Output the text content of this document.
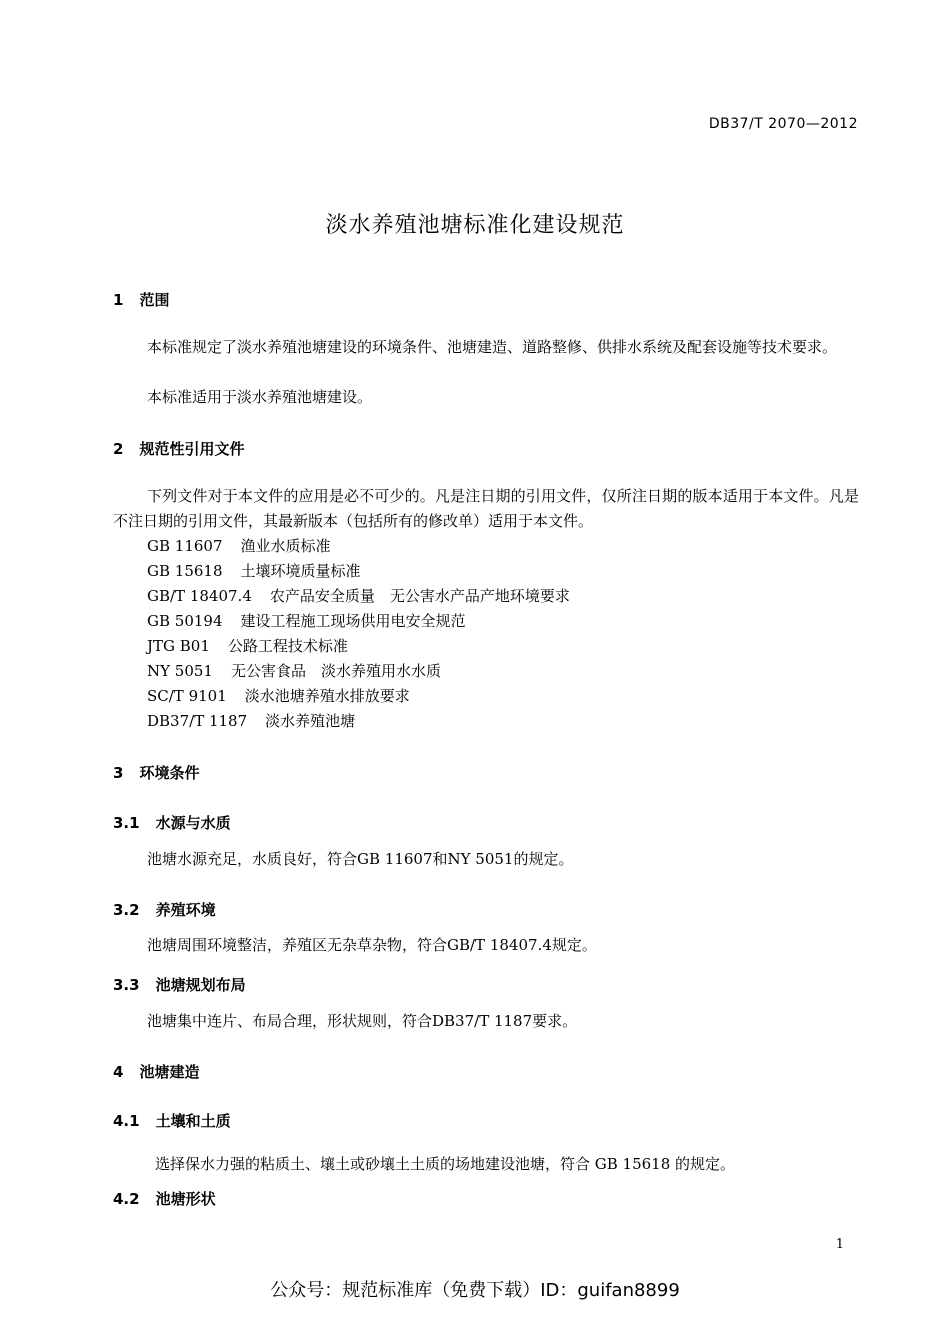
DB37/T 2070—2012
淡水养殖池塘标准化建设规范
1 范围
本标准规定了淡水养殖池塘建设的环境条件、池塘建造、道路整修、供排水系统及配套设施等技术要求。
本标准适用于淡水养殖池塘建设。
2 规范性引用文件
下列文件对于本文件的应用是必不可少的。凡是注日期的引用文件，仅所注日期的版本适用于本文件。凡是不注日期的引用文件，其最新版本（包括所有的修改单）适用于本文件。
GB 11607 渔业水质标准
GB 15618 土壤环境质量标准
GB/T 18407.4 农产品安全质量　无公害水产品产地环境要求
GB 50194 建设工程施工现场供用电安全规范
JTG B01 公路工程技术标准
NY 5051 无公害食品　淡水养殖用水水质
SC/T 9101 淡水池塘养殖水排放要求
DB37/T 1187 淡水养殖池塘
3 环境条件
3.1 水源与水质
池塘水源充足，水质良好，符合GB 11607和NY 5051的规定。
3.2 养殖环境
池塘周围环境整洁，养殖区无杂草杂物，符合GB/T 18407.4规定。
3.3 池塘规划布局
池塘集中连片、布局合理，形状规则，符合DB37/T 1187要求。
4 池塘建造
4.1 土壤和土质
选择保水力强的粘质土、壤土或砂壤土土质的场地建设池塘，符合 GB 15618 的规定。
4.2 池塘形状
1
公众号：规范标准库（免费下载）ID：guifan8899
